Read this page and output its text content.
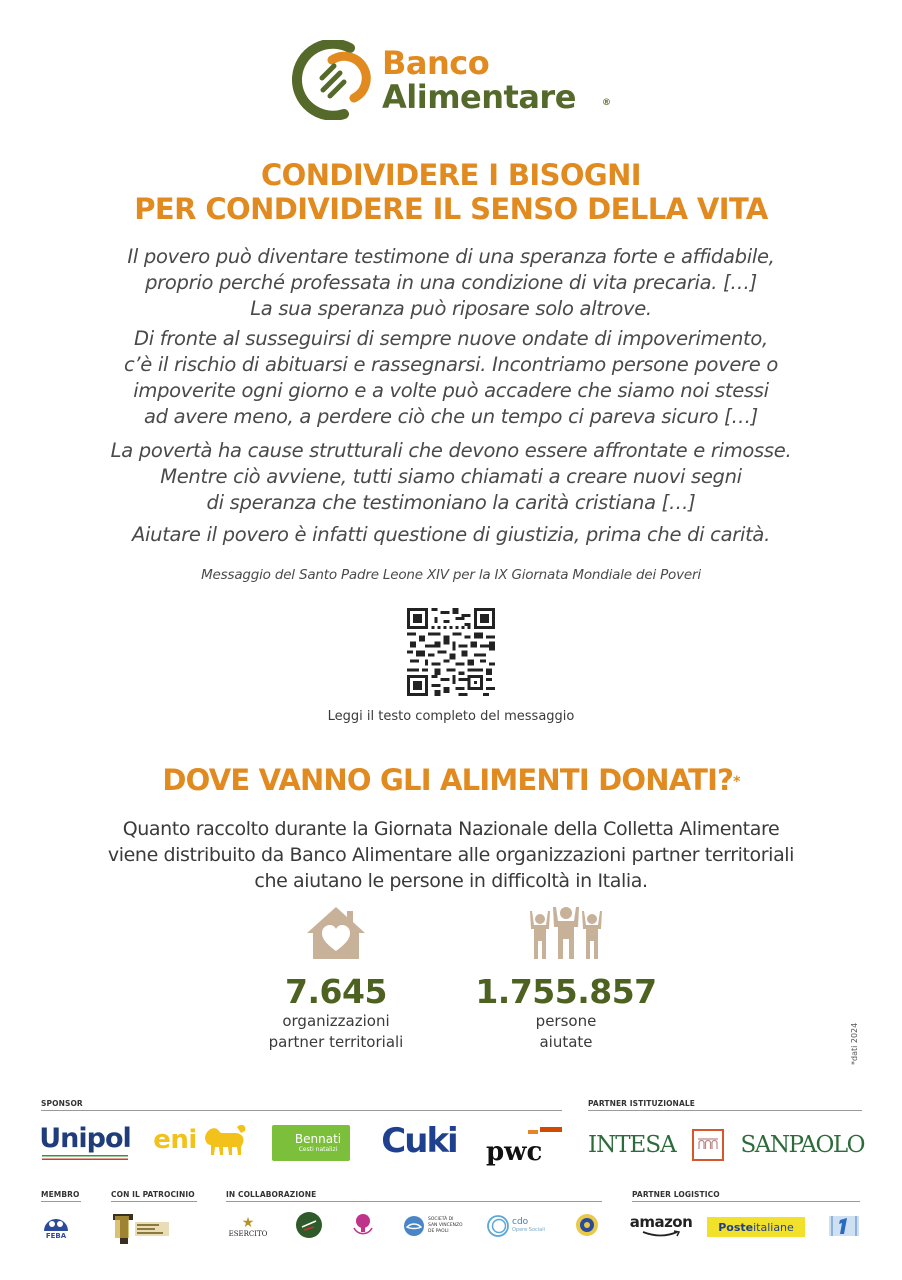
Banco
Alimentare	®
CONDIVIDERE I BISOGNI
PER CONDIVIDERE IL SENSO DELLA VITA
Il povero può diventare testimone di una speranza forte e affidabile,
proprio perché professata in una condizione di vita precaria. […]
La sua speranza può riposare solo altrove.
Di fronte al susseguirsi di sempre nuove ondate di impoverimento,
c’è il rischio di abituarsi e rassegnarsi. Incontriamo persone povere o
impoverite ogni giorno e a volte può accadere che siamo noi stessi
ad avere meno, a perdere ciò che un tempo ci pareva sicuro […]
La povertà ha cause strutturali che devono essere affrontate e rimosse.
Mentre ciò avviene, tutti siamo chiamati a creare nuovi segni
di speranza che testimoniano la carità cristiana […]
Aiutare il povero è infatti questione di giustizia, prima che di carità.
Messaggio del Santo Padre Leone XIV per la IX Giornata Mondiale dei Poveri
Leggi il testo completo del messaggio
DOVE VANNO GLI ALIMENTI DONATI?*
Quanto raccolto durante la Giornata Nazionale della Colletta Alimentare
viene distribuito da Banco Alimentare alle organizzazioni partner territoriali
che aiutano le persone in difficoltà in Italia.
7.645
organizzazioni
partner territoriali
1.755.857
persone
aiutate	*dati 2024
SPONSOR
Unipol eni	Bennati
Cesti natalizi Cuki pwc
PARTNER ISTITUZIONALE
INTESA	SANPAOLO
MEMBRO
FEBA
CON IL PATROCINIO	IN COLLABORAZIONE
★
ESERCITO
SOCIETÀ DI
SAN VINCENZO
DE PAOLI
cdo
Opere Sociali
PARTNER LOGISTICO
amazon Poste italiane
